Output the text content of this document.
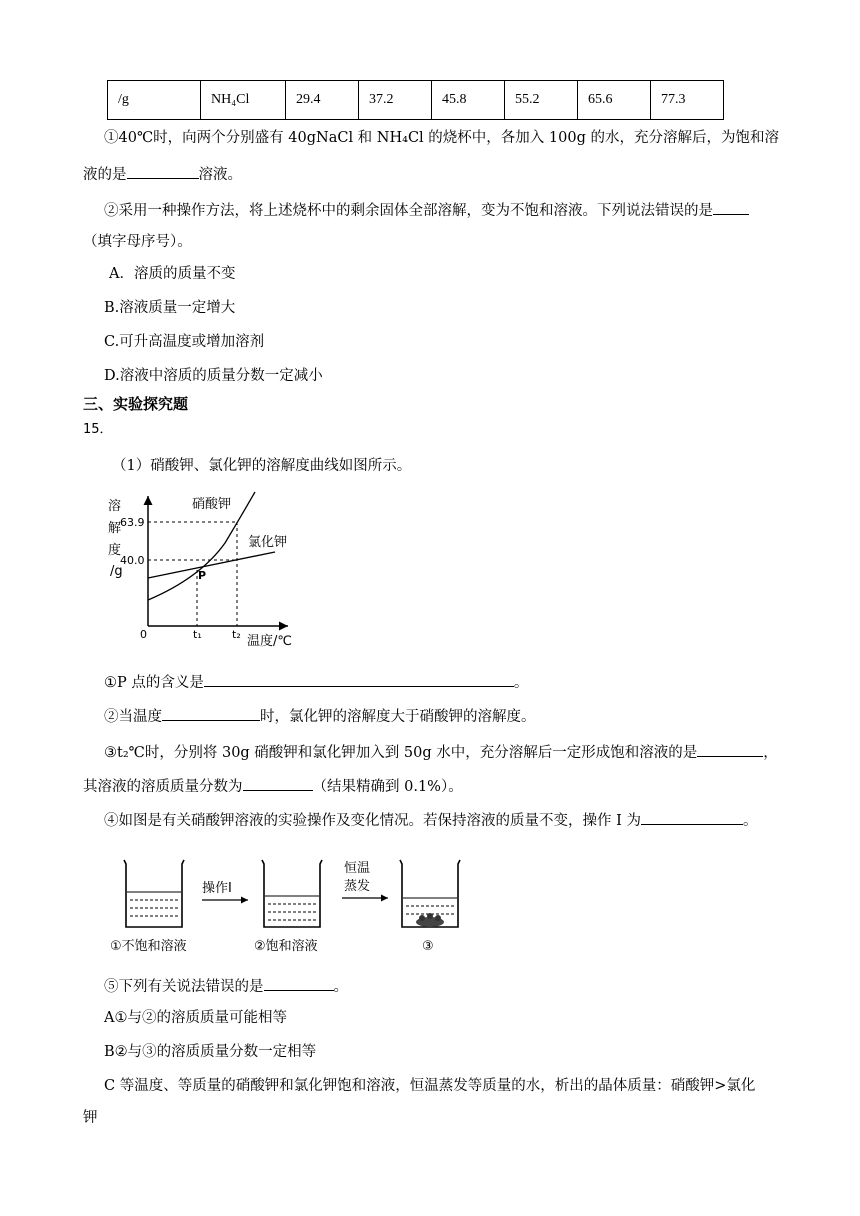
/g	NH₄Cl	29.4	37.2	45.8	55.2	65.6	77.3
①40℃时，向两个分别盛有 40gNaCl 和 NH₄Cl 的烧杯中，各加入 100g 的水，充分溶解后，为饱和溶
液的是	溶液。
②采用一种操作方法，将上述烧杯中的剩余固体全部溶解，变为不饱和溶液。下列说法错误的是
（填字母序号）。
A．溶质的质量不变
B.溶液质量一定增大
C.可升高温度或增加溶剂
D.溶液中溶质的质量分数一定减小
三、实验探究题
15．
（1）硝酸钾、氯化钾的溶解度曲线如图所示。
溶
解
度
/g
63.9
40.0
硝酸钾
氯化钾
P
0	t₁	t₂ 温度/℃
①P 点的含义是	。
②当温度	时，氯化钾的溶解度大于硝酸钾的溶解度。
③t₂℃时，分别将 30g 硝酸钾和氯化钾加入到 50g 水中，充分溶解后一定形成饱和溶液的是	，
其溶液的溶质质量分数为	（结果精确到 0.1%）。
④如图是有关硝酸钾溶液的实验操作及变化情况。若保持溶液的质量不变，操作 I 为	。
操作I
恒温
蒸发
①不饱和溶液	②饱和溶液	③
⑤下列有关说法错误的是	。
A①与②的溶质质量可能相等
B②与③的溶质质量分数一定相等
C 等温度、等质量的硝酸钾和氯化钾饱和溶液，恒温蒸发等质量的水，析出的晶体质量：硝酸钾>氯化
钾
